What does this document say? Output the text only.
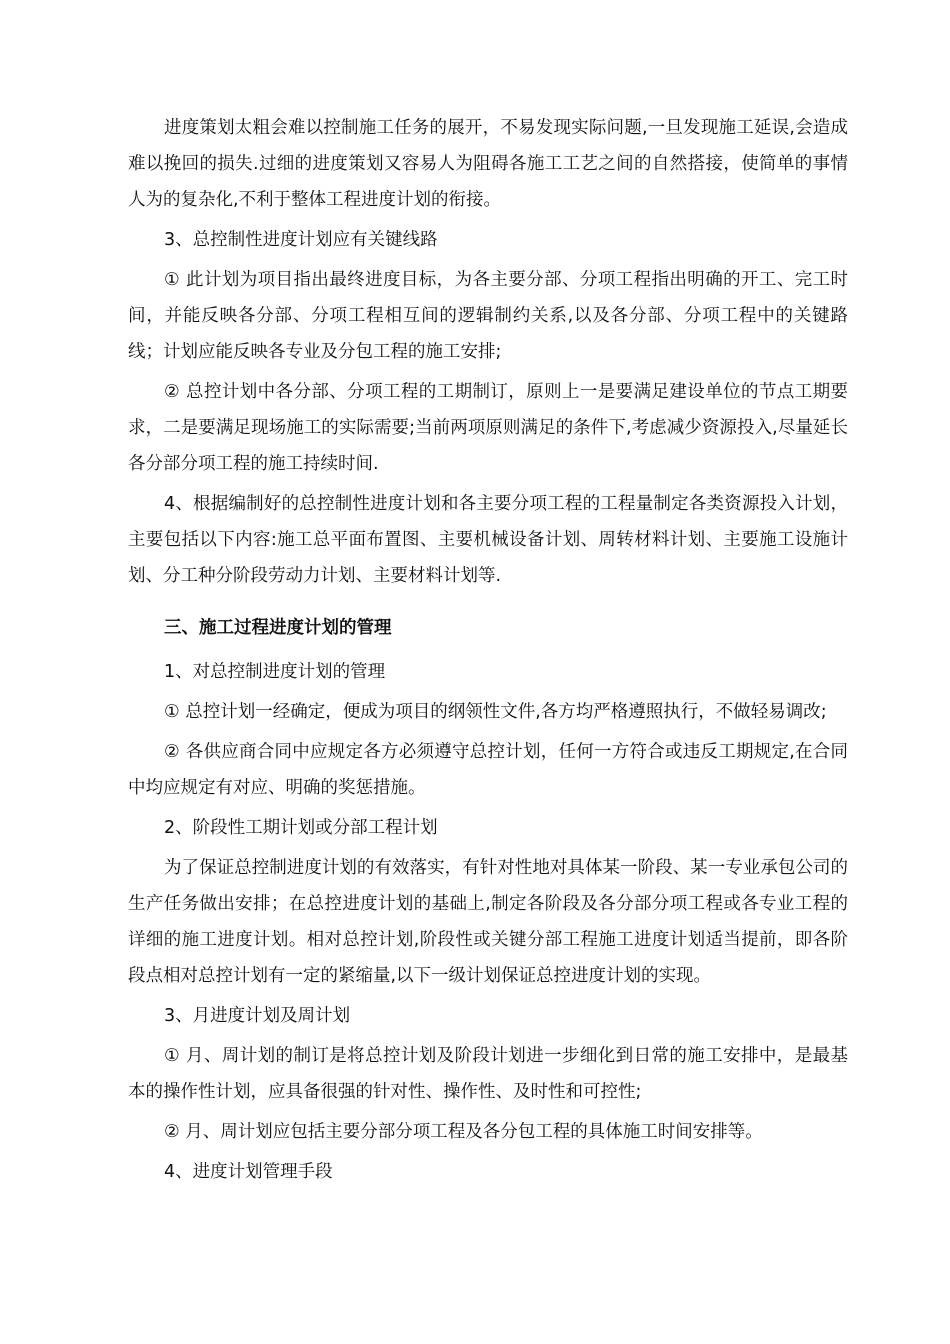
进度策划太粗会难以控制施工任务的展开，不易发现实际问题,一旦发现施工延误,会造成难以挽回的损失.过细的进度策划又容易人为阻碍各施工工艺之间的自然搭接，使简单的事情人为的复杂化,不利于整体工程进度计划的衔接。

3、总控制性进度计划应有关键线路

① 此计划为项目指出最终进度目标，为各主要分部、分项工程指出明确的开工、完工时间，并能反映各分部、分项工程相互间的逻辑制约关系,以及各分部、分项工程中的关键路线；计划应能反映各专业及分包工程的施工安排;

② 总控计划中各分部、分项工程的工期制订，原则上一是要满足建设单位的节点工期要求，二是要满足现场施工的实际需要;当前两项原则满足的条件下,考虑减少资源投入,尽量延长各分部分项工程的施工持续时间.

4、根据编制好的总控制性进度计划和各主要分项工程的工程量制定各类资源投入计划，主要包括以下内容:施工总平面布置图、主要机械设备计划、周转材料计划、主要施工设施计划、分工种分阶段劳动力计划、主要材料计划等.

三、施工过程进度计划的管理

1、对总控制进度计划的管理

① 总控计划一经确定，便成为项目的纲领性文件,各方均严格遵照执行，不做轻易调改;

② 各供应商合同中应规定各方必须遵守总控计划，任何一方符合或违反工期规定,在合同中均应规定有对应、明确的奖惩措施。

2、阶段性工期计划或分部工程计划

为了保证总控制进度计划的有效落实，有针对性地对具体某一阶段、某一专业承包公司的生产任务做出安排；在总控进度计划的基础上,制定各阶段及各分部分项工程或各专业工程的详细的施工进度计划。相对总控计划,阶段性或关键分部工程施工进度计划适当提前，即各阶段点相对总控计划有一定的紧缩量,以下一级计划保证总控进度计划的实现。

3、月进度计划及周计划

① 月、周计划的制订是将总控计划及阶段计划进一步细化到日常的施工安排中，是最基本的操作性计划，应具备很强的针对性、操作性、及时性和可控性;

② 月、周计划应包括主要分部分项工程及各分包工程的具体施工时间安排等。

4、进度计划管理手段
